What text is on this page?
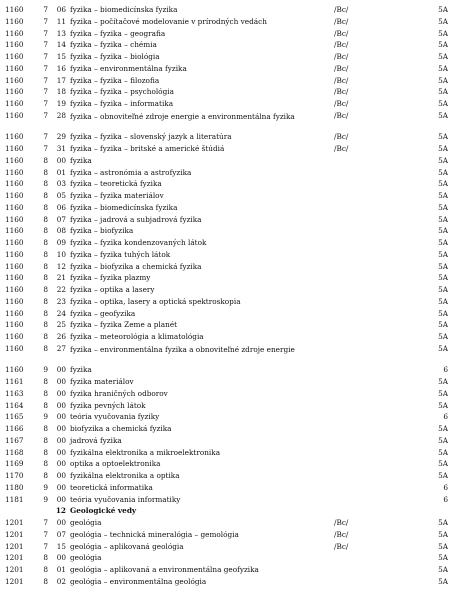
1160	7	06 fyzika – biomedicínska fyzika	/Bc/	5A
1160	7	11 fyzika – počítačové modelovanie v prírodných vedách	/Bc/	5A
1160	7	13 fyzika – fyzika – geografia	/Bc/	5A
1160	7	14 fyzika – fyzika – chémia	/Bc/	5A
1160	7	15 fyzika – fyzika – biológia	/Bc/	5A
1160	7	16 fyzika – environmentálna fyzika	/Bc/	5A
1160	7	17 fyzika – fyzika – filozofia	/Bc/	5A
1160	7	18 fyzika – fyzika – psychológia	/Bc/	5A
1160	7	19 fyzika – fyzika – informatika	/Bc/	5A
1160	7	28 fyzika – obnoviteľné zdroje energie a environmentálna fyzika	/Bc/	5A
1160	7	29 fyzika – fyzika – slovenský jazyk a literatúra	/Bc/	5A
1160	7	31 fyzika – fyzika – britské a americké štúdiá	/Bc/	5A
1160	8	00 fyzika	5A
1160	8	01 fyzika – astronómia a astrofyzika	5A
1160	8	03 fyzika – teoretická fyzika	5A
1160	8	05 fyzika – fyzika materiálov	5A
1160	8	06 fyzika – biomedicínska fyzika	5A
1160	8	07 fyzika – jadrová a subjadrová fyzika	5A
1160	8	08 fyzika – biofyzika	5A
1160	8	09 fyzika – fyzika kondenzovaných látok	5A
1160	8	10 fyzika – fyzika tuhých látok	5A
1160	8	12 fyzika – biofyzika a chemická fyzika	5A
1160	8	21 fyzika – fyzika plazmy	5A
1160	8	22 fyzika – optika a lasery	5A
1160	8	23 fyzika – optika, lasery a optická spektroskopia	5A
1160	8	24 fyzika – geofyzika	5A
1160	8	25 fyzika – fyzika Zeme a planét	5A
1160	8	26 fyzika – meteorológia a klimatológia	5A
1160	8	27 fyzika – environmentálna fyzika a obnoviteľné zdroje energie	5A
1160	9	00 fyzika	6
1161	8	00 fyzika materiálov	5A
1163	8	00 fyzika hraničných odborov	5A
1164	8	00 fyzika pevných látok	5A
1165	9	00 teória vyučovania fyziky	6
1166	8	00 biofyzika a chemická fyzika	5A
1167	8	00 jadrová fyzika	5A
1168	8	00 fyzikálna elektronika a mikroelektronika	5A
1169	8	00 optika a optoelektronika	5A
1170	8	00 fyzikálna elektronika a optika	5A
1180	9	00 teoretická informatika	6
1181	9	00 teória vyučovania informatiky	6
12 Geologické vedy
1201	7	00 geológia	/Bc/	5A
1201	7	07 geológia – technická mineralógia – gemológia	/Bc/	5A
1201	7	15 geológia – aplikovaná geológia	/Bc/	5A
1201	8	00 geológia	5A
1201	8	01 geológia – aplikovaná a environmentálna geofyzika	5A
1201	8	02 geológia – environmentálna geológia	5A
